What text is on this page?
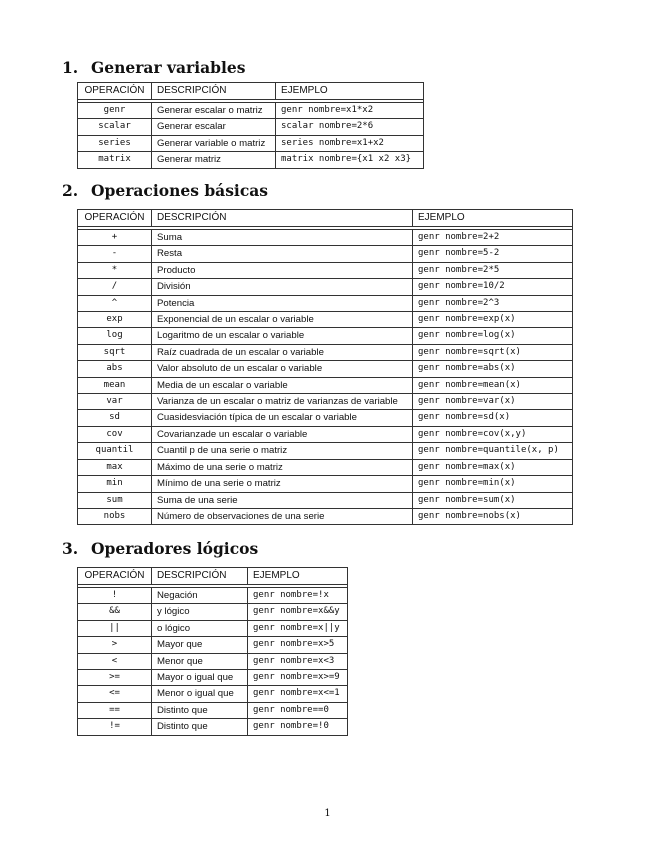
1. Generar variables
OPERACIÓN	DESCRIPCIÓN	EJEMPLO

genr	Generar escalar o matriz	genr nombre=x1*x2
scalar	Generar escalar	scalar nombre=2*6
series	Generar variable o matriz	series nombre=x1+x2
matrix	Generar matriz	matrix nombre={x1 x2 x3}
2. Operaciones básicas
OPERACIÓN	DESCRIPCIÓN	EJEMPLO

+	Suma	genr nombre=2+2
-	Resta	genr nombre=5-2
*	Producto	genr nombre=2*5
/	División	genr nombre=10/2
^	Potencia	genr nombre=2^3
exp	Exponencial de un escalar o variable	genr nombre=exp(x)
log	Logaritmo de un escalar o variable	genr nombre=log(x)
sqrt	Raíz cuadrada de un escalar o variable	genr nombre=sqrt(x)
abs	Valor absoluto de un escalar o variable	genr nombre=abs(x)
mean	Media de un escalar o variable	genr nombre=mean(x)
var	Varianza de un escalar o matriz de varianzas de variable	genr nombre=var(x)
sd	Cuasidesviación típica de un escalar o variable	genr nombre=sd(x)
cov	Covarianzade un escalar o variable	genr nombre=cov(x,y)
quantil	Cuantil p de una serie o matriz	genr nombre=quantile(x, p)
max	Máximo de una serie o matriz	genr nombre=max(x)
min	Mínimo de una serie o matriz	genr nombre=min(x)
sum	Suma de una serie	genr nombre=sum(x)
nobs	Número de observaciones de una serie	genr nombre=nobs(x)
3. Operadores lógicos
OPERACIÓN	DESCRIPCIÓN	EJEMPLO

!	Negación	genr nombre=!x
&&	y lógico	genr nombre=x&&y
||	o lógico	genr nombre=x||y
>	Mayor que	genr nombre=x>5
<	Menor que	genr nombre=x<3
>=	Mayor o igual que	genr nombre=x>=9
<=	Menor o igual que	genr nombre=x<=1
==	Distinto que	genr nombre==0
!=	Distinto que	genr nombre=!0
1
